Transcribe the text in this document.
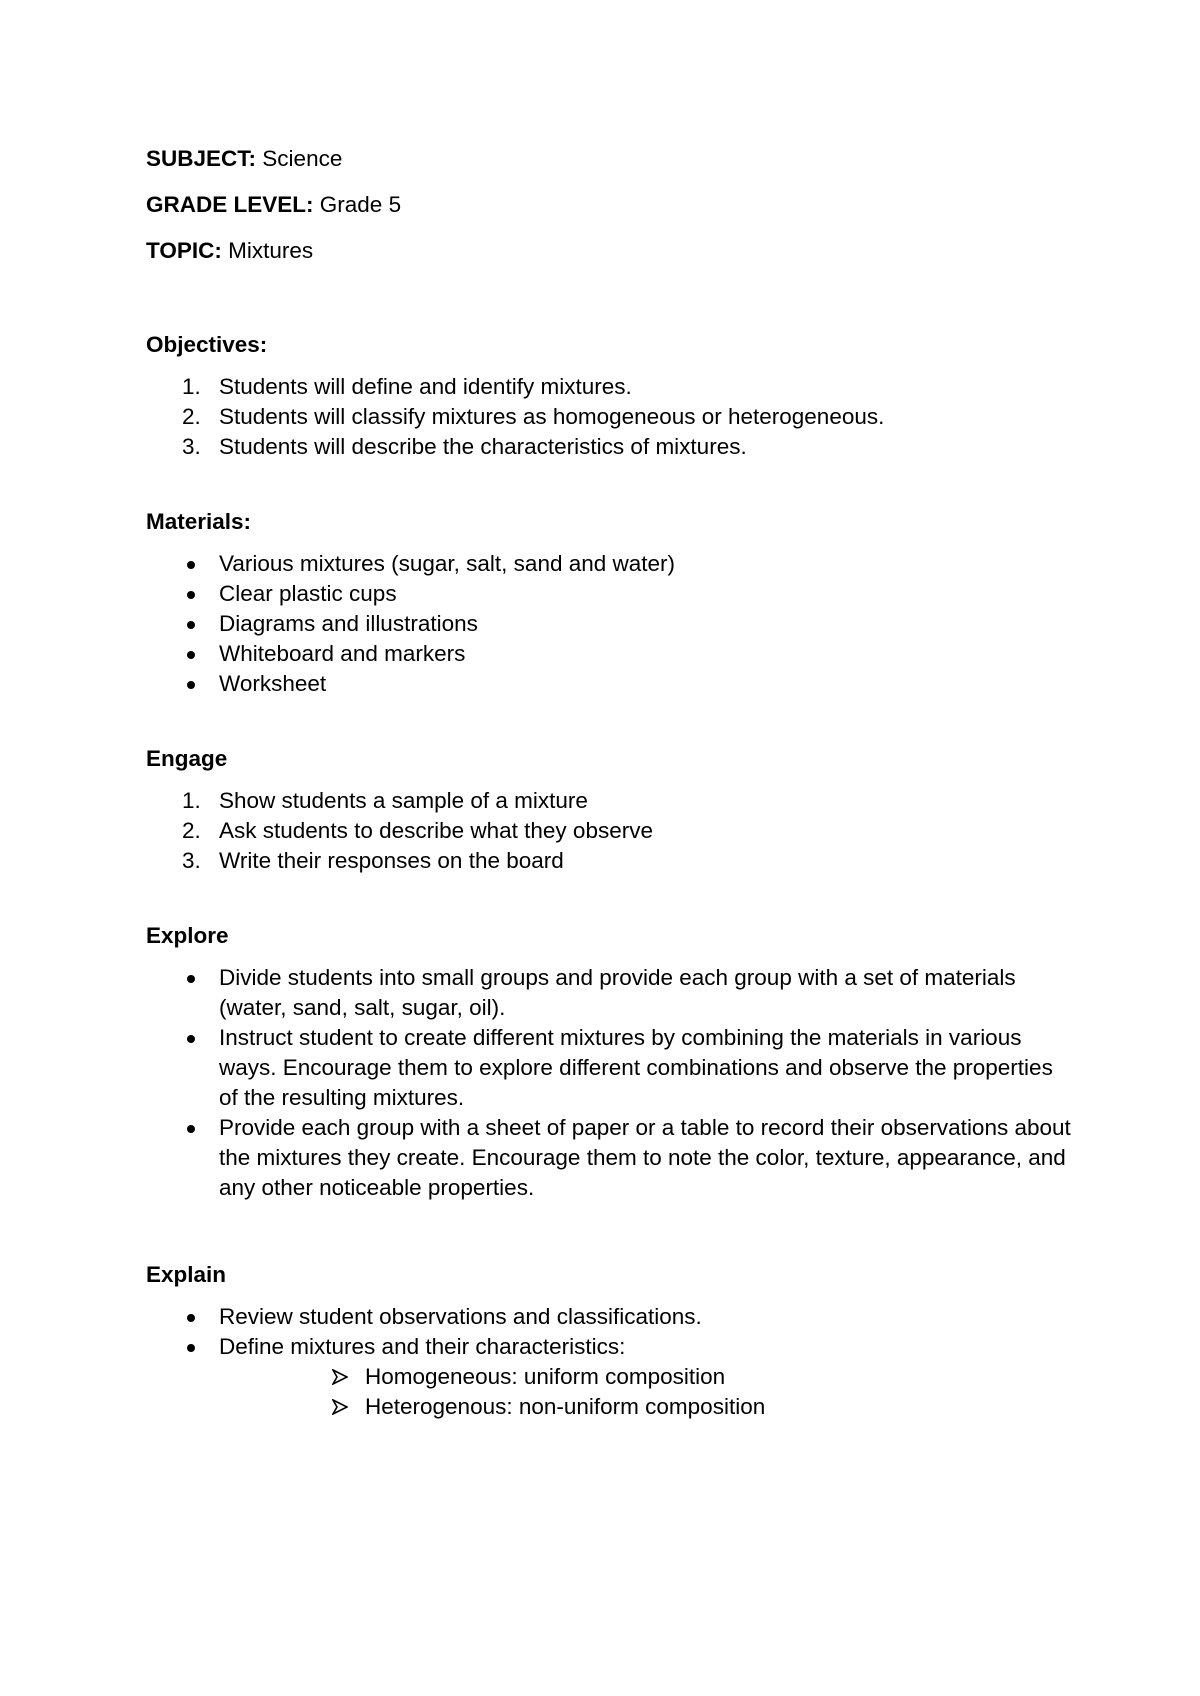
SUBJECT: Science
GRADE LEVEL: Grade 5
TOPIC: Mixtures
Objectives:
1. Students will define and identify mixtures.
2. Students will classify mixtures as homogeneous or heterogeneous.
3. Students will describe the characteristics of mixtures.
Materials:
Various mixtures (sugar, salt, sand and water)
Clear plastic cups
Diagrams and illustrations
Whiteboard and markers
Worksheet
Engage
1. Show students a sample of a mixture
2. Ask students to describe what they observe
3. Write their responses on the board
Explore
Divide students into small groups and provide each group with a set of materials (water, sand, salt, sugar, oil).
Instruct student to create different mixtures by combining the materials in various ways. Encourage them to explore different combinations and observe the properties of the resulting mixtures.
Provide each group with a sheet of paper or a table to record their observations about the mixtures they create. Encourage them to note the color, texture, appearance, and any other noticeable properties.
Explain
Review student observations and classifications.
Define mixtures and their characteristics:
Homogeneous: uniform composition
Heterogenous: non-uniform composition
